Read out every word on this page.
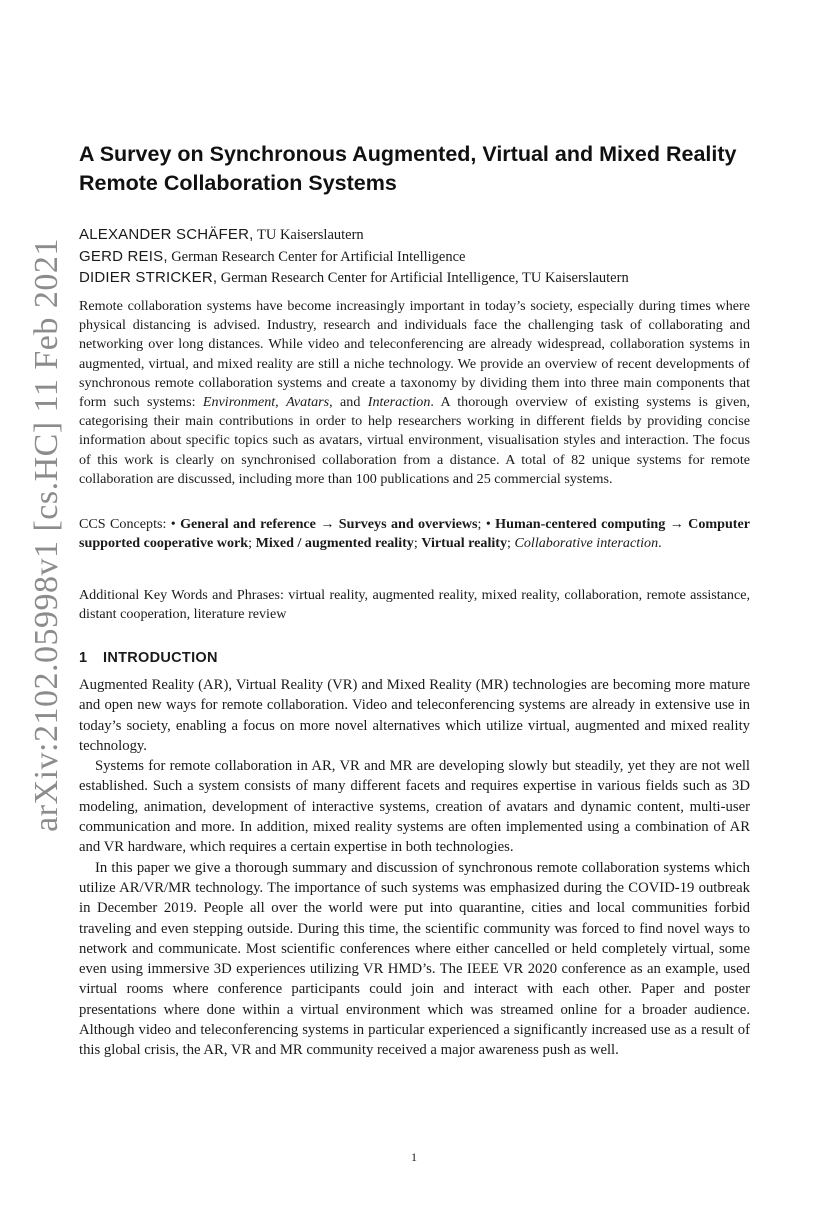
arXiv:2102.05998v1 [cs.HC] 11 Feb 2021
A Survey on Synchronous Augmented, Virtual and Mixed Reality Remote Collaboration Systems
ALEXANDER SCHÄFER, TU Kaiserslautern
GERD REIS, German Research Center for Artificial Intelligence
DIDIER STRICKER, German Research Center for Artificial Intelligence, TU Kaiserslautern

Remote collaboration systems have become increasingly important in today’s society, especially during times where physical distancing is advised. Industry, research and individuals face the challenging task of collaborating and networking over long distances. While video and teleconferencing are already widespread, collaboration systems in augmented, virtual, and mixed reality are still a niche technology. We provide an overview of recent developments of synchronous remote collaboration systems and create a taxonomy by dividing them into three main components that form such systems: Environment, Avatars, and Interaction. A thorough overview of existing systems is given, categorising their main contributions in order to help researchers working in different fields by providing concise information about specific topics such as avatars, virtual environment, visualisation styles and interaction. The focus of this work is clearly on synchronised collaboration from a distance. A total of 82 unique systems for remote collaboration are discussed, including more than 100 publications and 25 commercial systems.

CCS Concepts: • General and reference → Surveys and overviews; • Human-centered computing → Computer supported cooperative work; Mixed / augmented reality; Virtual reality; Collaborative interaction.

Additional Key Words and Phrases: virtual reality, augmented reality, mixed reality, collaboration, remote assistance, distant cooperation, literature review

1 INTRODUCTION

Augmented Reality (AR), Virtual Reality (VR) and Mixed Reality (MR) technologies are becoming more mature and open new ways for remote collaboration. Video and teleconferencing systems are already in extensive use in today’s society, enabling a focus on more novel alternatives which utilize virtual, augmented and mixed reality technology.

Systems for remote collaboration in AR, VR and MR are developing slowly but steadily, yet they are not well established. Such a system consists of many different facets and requires expertise in various fields such as 3D modeling, animation, development of interactive systems, creation of avatars and dynamic content, multi-user communication and more. In addition, mixed reality systems are often implemented using a combination of AR and VR hardware, which requires a certain expertise in both technologies.

In this paper we give a thorough summary and discussion of synchronous remote collaboration systems which utilize AR/VR/MR technology. The importance of such systems was emphasized during the COVID-19 outbreak in December 2019. People all over the world were put into quarantine, cities and local communities forbid traveling and even stepping outside. During this time, the scientific community was forced to find novel ways to network and communicate. Most scientific conferences where either cancelled or held completely virtual, some even using immersive 3D experiences utilizing VR HMD’s. The IEEE VR 2020 conference as an example, used virtual rooms where conference participants could join and interact with each other. Paper and poster presentations where done within a virtual environment which was streamed online for a broader audience. Although video and teleconferencing systems in particular experienced a significantly increased use as a result of this global crisis, the AR, VR and MR community received a major awareness push as well.

1
